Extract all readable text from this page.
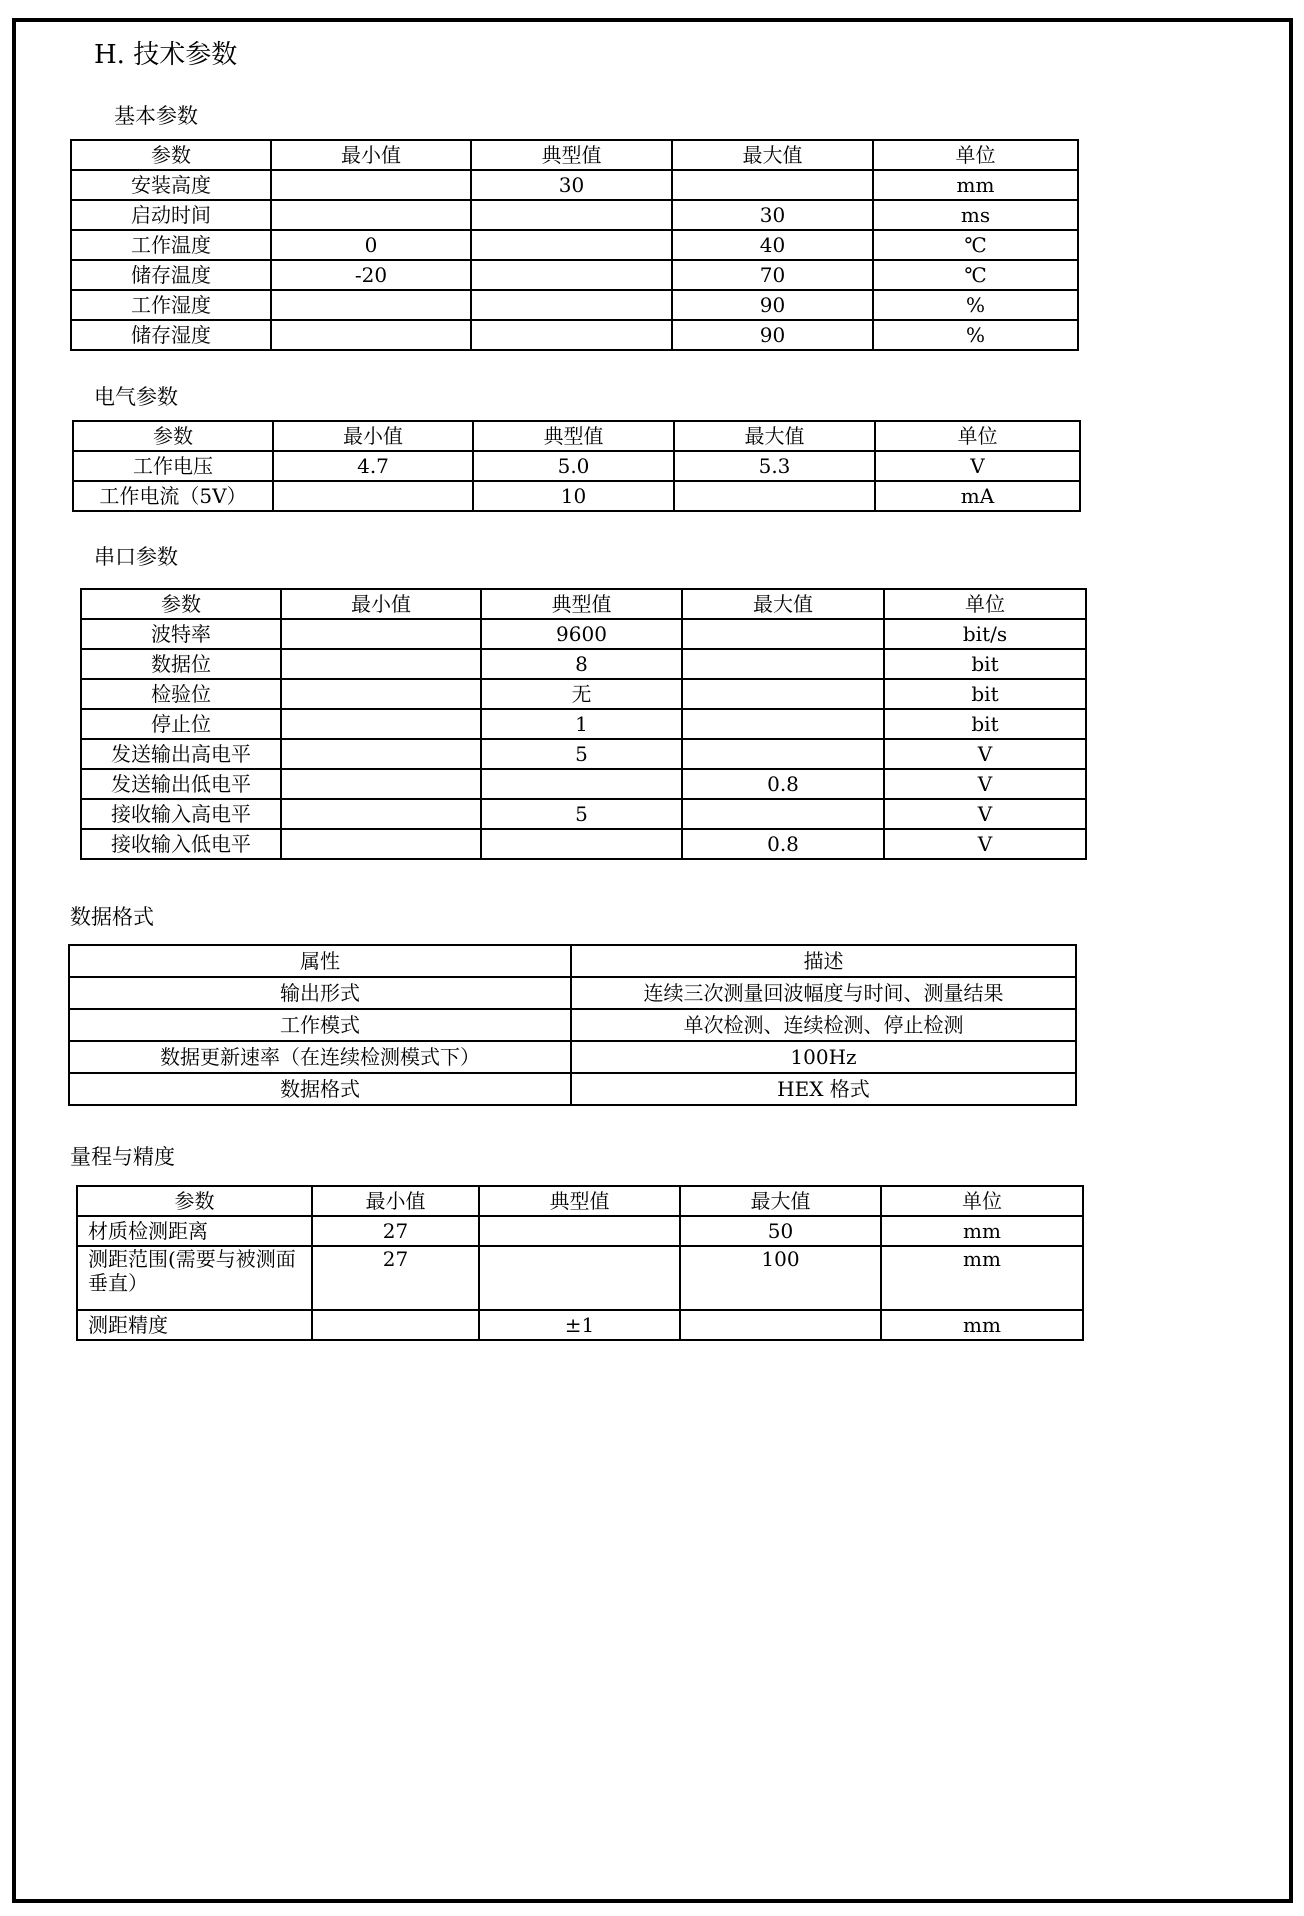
H. 技术参数
基本参数
参数	最小值	典型值	最大值	单位
安装高度		30		mm
启动时间			30	ms
工作温度	0		40	℃
储存温度	-20		70	℃
工作湿度			90	%
储存湿度			90	%
电气参数
参数	最小值	典型值	最大值	单位
工作电压	4.7	5.0	5.3	V
工作电流（5V）		10		mA
串口参数
参数	最小值	典型值	最大值	单位
波特率		9600		bit/s
数据位		8		bit
检验位		无		bit
停止位		1		bit
发送输出高电平		5		V
发送输出低电平			0.8	V
接收输入高电平		5		V
接收输入低电平			0.8	V
数据格式
属性	描述
输出形式	连续三次测量回波幅度与时间、测量结果
工作模式	单次检测、连续检测、停止检测
数据更新速率（在连续检测模式下）	100Hz
数据格式	HEX 格式
量程与精度
参数	最小值	典型值	最大值	单位
材质检测距离	27		50	mm
测距范围(需要与被测面垂直）	27		100	mm
测距精度		±1		mm
